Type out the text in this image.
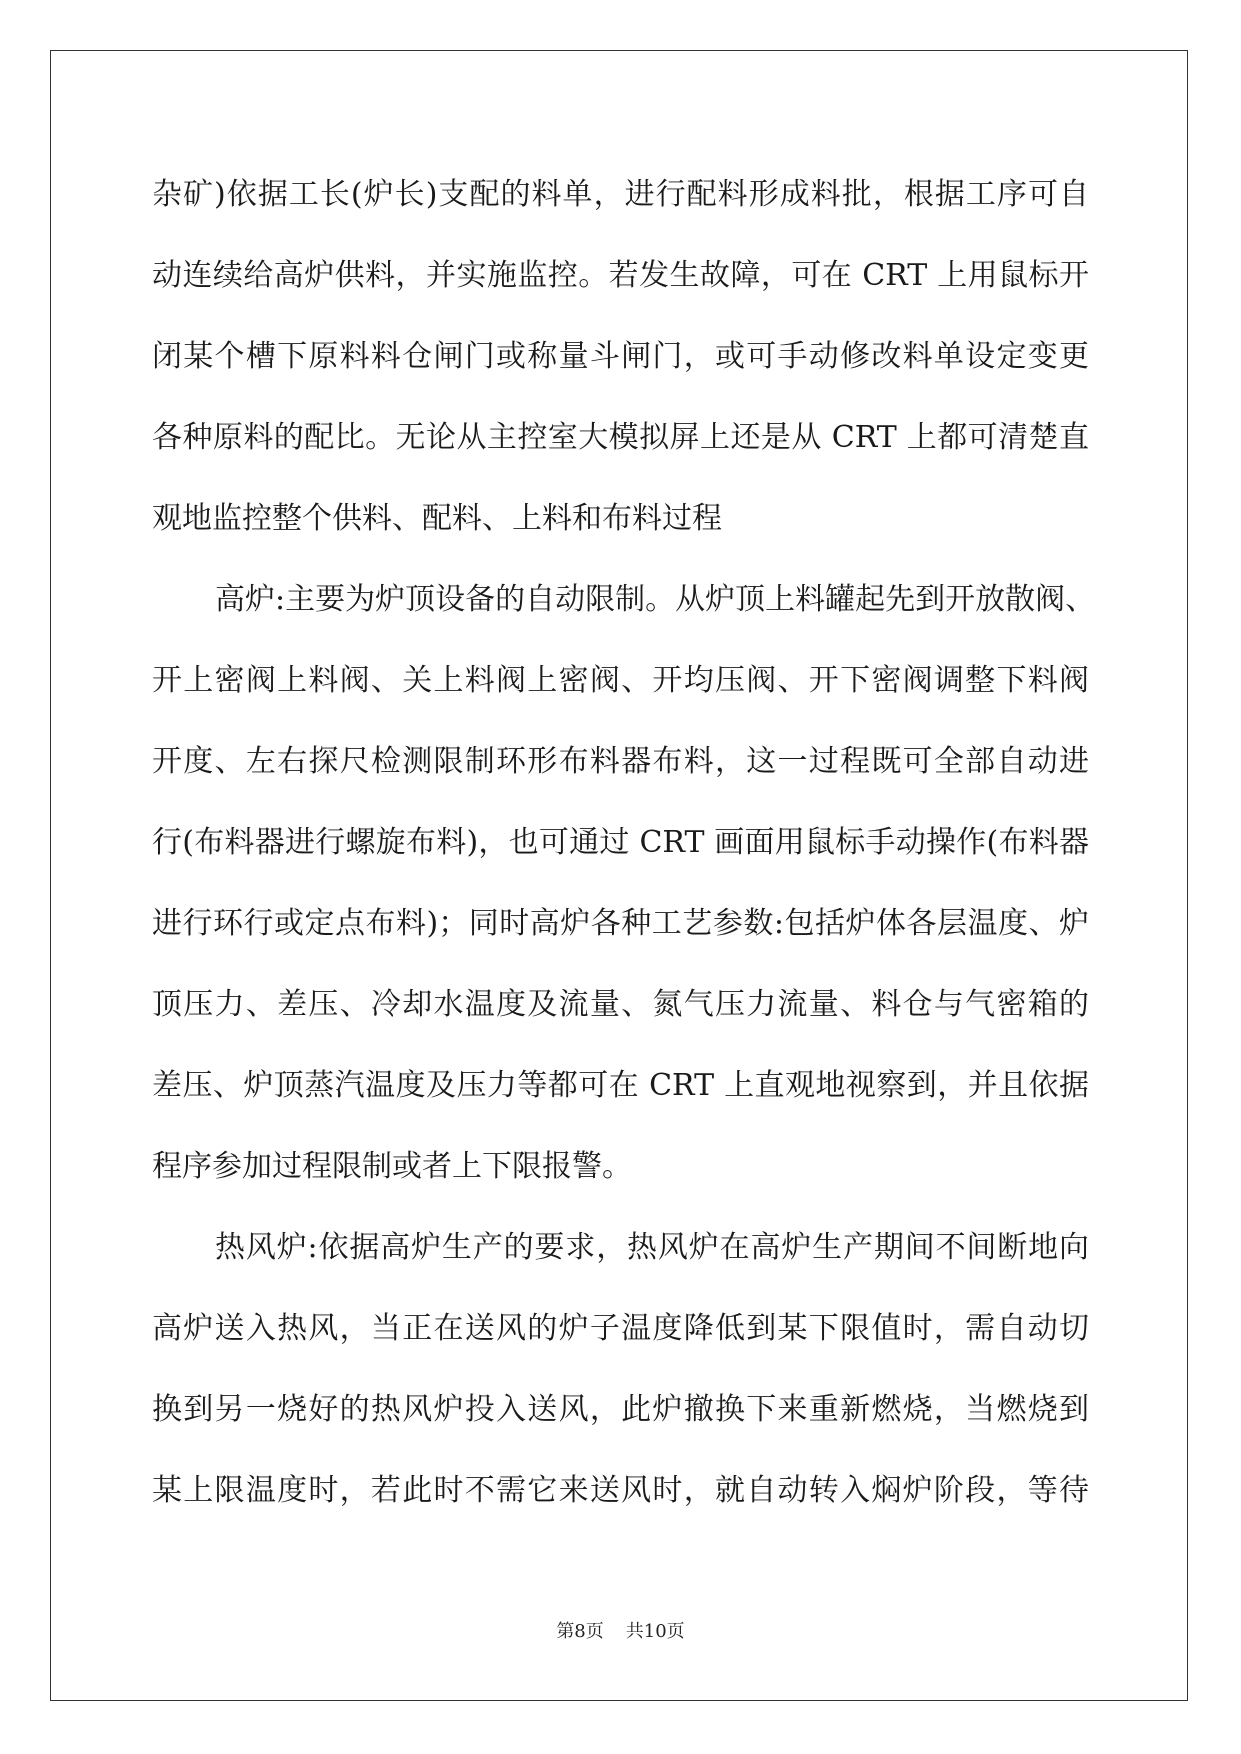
杂矿)依据工长(炉长)支配的料单，进行配料形成料批，根据工序可自
动连续给高炉供料，并实施监控。若发生故障，可在 CRT 上用鼠标开
闭某个槽下原料料仓闸门或称量斗闸门，或可手动修改料单设定变更
各种原料的配比。无论从主控室大模拟屏上还是从 CRT 上都可清楚直
观地监控整个供料、配料、上料和布料过程
高炉:主要为炉顶设备的自动限制。从炉顶上料罐起先到开放散阀、
开上密阀上料阀、关上料阀上密阀、开均压阀、开下密阀调整下料阀
开度、左右探尺检测限制环形布料器布料，这一过程既可全部自动进
行(布料器进行螺旋布料)，也可通过 CRT 画面用鼠标手动操作(布料器
进行环行或定点布料)；同时高炉各种工艺参数:包括炉体各层温度、炉
顶压力、差压、冷却水温度及流量、氮气压力流量、料仓与气密箱的
差压、炉顶蒸汽温度及压力等都可在 CRT 上直观地视察到，并且依据
程序参加过程限制或者上下限报警。
热风炉:依据高炉生产的要求，热风炉在高炉生产期间不间断地向
高炉送入热风，当正在送风的炉子温度降低到某下限值时，需自动切
换到另一烧好的热风炉投入送风，此炉撤换下来重新燃烧，当燃烧到
某上限温度时，若此时不需它来送风时，就自动转入焖炉阶段，等待
第8页 共10页
